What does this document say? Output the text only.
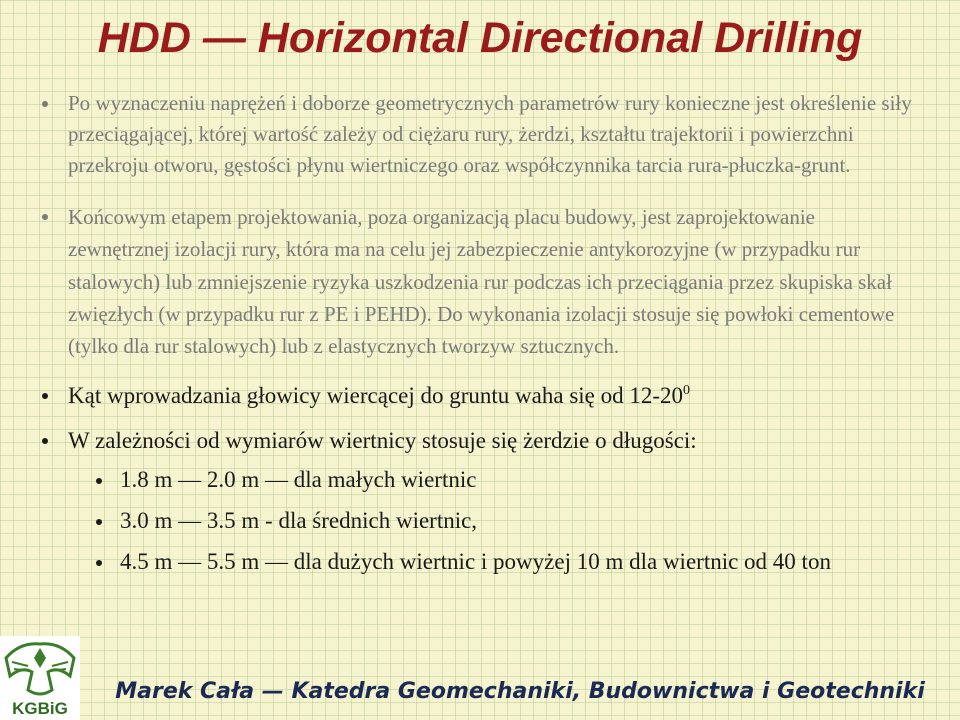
HDD — Horizontal Directional Drilling
Po wyznaczeniu naprężeń i doborze geometrycznych parametrów rury konieczne jest określenie siły przeciągającej, której wartość zależy od ciężaru rury, żerdzi, kształtu trajektorii i powierzchni przekroju otworu, gęstości płynu wiertniczego oraz współczynnika tarcia rura-płuczka-grunt.
Końcowym etapem projektowania, poza organizacją placu budowy, jest zaprojektowanie zewnętrznej izolacji rury, która ma na celu jej zabezpieczenie antykorozyjne (w przypadku rur stalowych) lub zmniejszenie ryzyka uszkodzenia rur podczas ich przeciągania przez skupiska skał zwięzłych (w przypadku rur z PE i PEHD). Do wykonania izolacji stosuje się powłoki cementowe (tylko dla rur stalowych) lub z elastycznych tworzyw sztucznych.
Kąt wprowadzania głowicy wiercącej do gruntu waha się od $12-20^0$
W zależności od wymiarów wiertnicy stosuje się żerdzie o długości:
1.8 m — 2.0 m — dla małych wiertnic
3.0 m — 3.5 m - dla średnich wiertnic,
4.5 m — 5.5 m — dla dużych wiertnic i powyżej 10 m dla wiertnic od 40 ton
KGBiG
Marek Cała — Katedra Geomechaniki, Budownictwa i Geotechniki
